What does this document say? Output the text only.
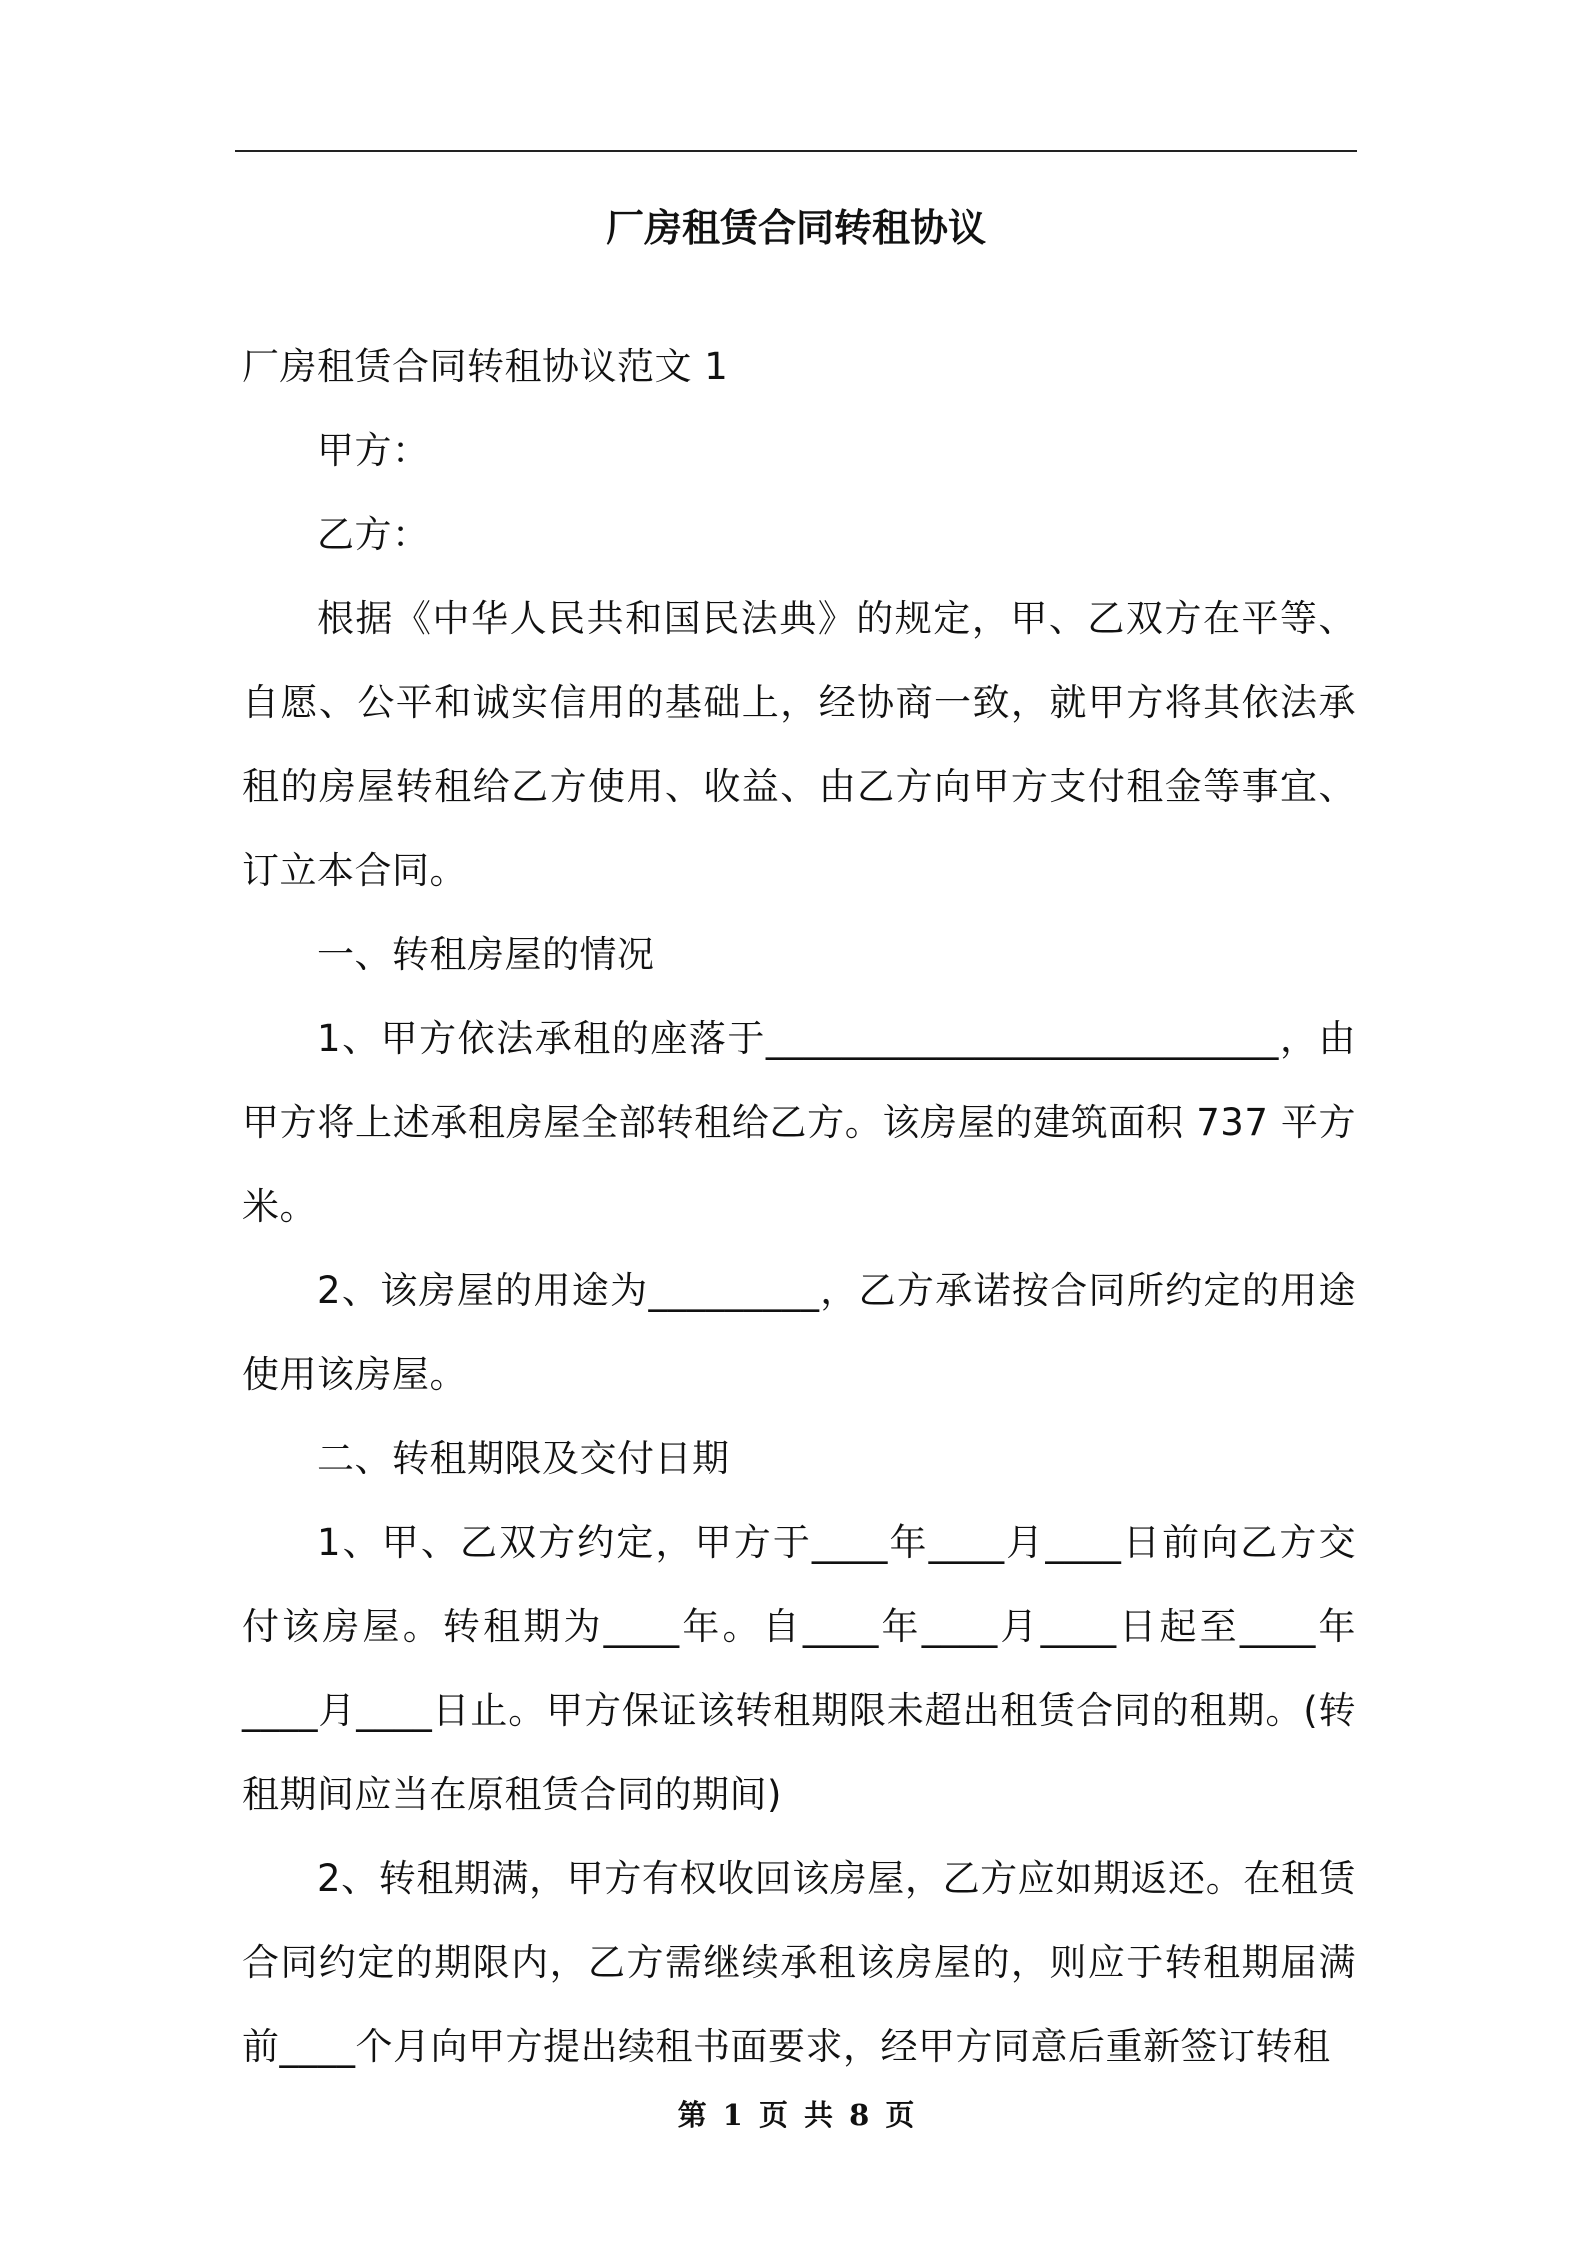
厂房租赁合同转租协议

厂房租赁合同转租协议范文 1

甲方：

乙方：

根据《中华人民共和国民法典》的规定，甲、乙双方在平等、自愿、公平和诚实信用的基础上，经协商一致，就甲方将其依法承租的房屋转租给乙方使用、收益、由乙方向甲方支付租金等事宜、订立本合同。

一、转租房屋的情况

1、甲方依法承租的座落于___________________________，由甲方将上述承租房屋全部转租给乙方。该房屋的建筑面积 737 平方米。

2、该房屋的用途为_________，乙方承诺按合同所约定的用途使用该房屋。

二、转租期限及交付日期

1、甲、乙双方约定，甲方于____年____月____日前向乙方交付该房屋。转租期为____年。自____年____月____日起至____年____月____日止。甲方保证该转租期限未超出租赁合同的租期。(转租期间应当在原租赁合同的期间)

2、转租期满，甲方有权收回该房屋，乙方应如期返还。在租赁合同约定的期限内，乙方需继续承租该房屋的，则应于转租期届满前____个月向甲方提出续租书面要求，经甲方同意后重新签订转租

第 1 页 共 8 页
